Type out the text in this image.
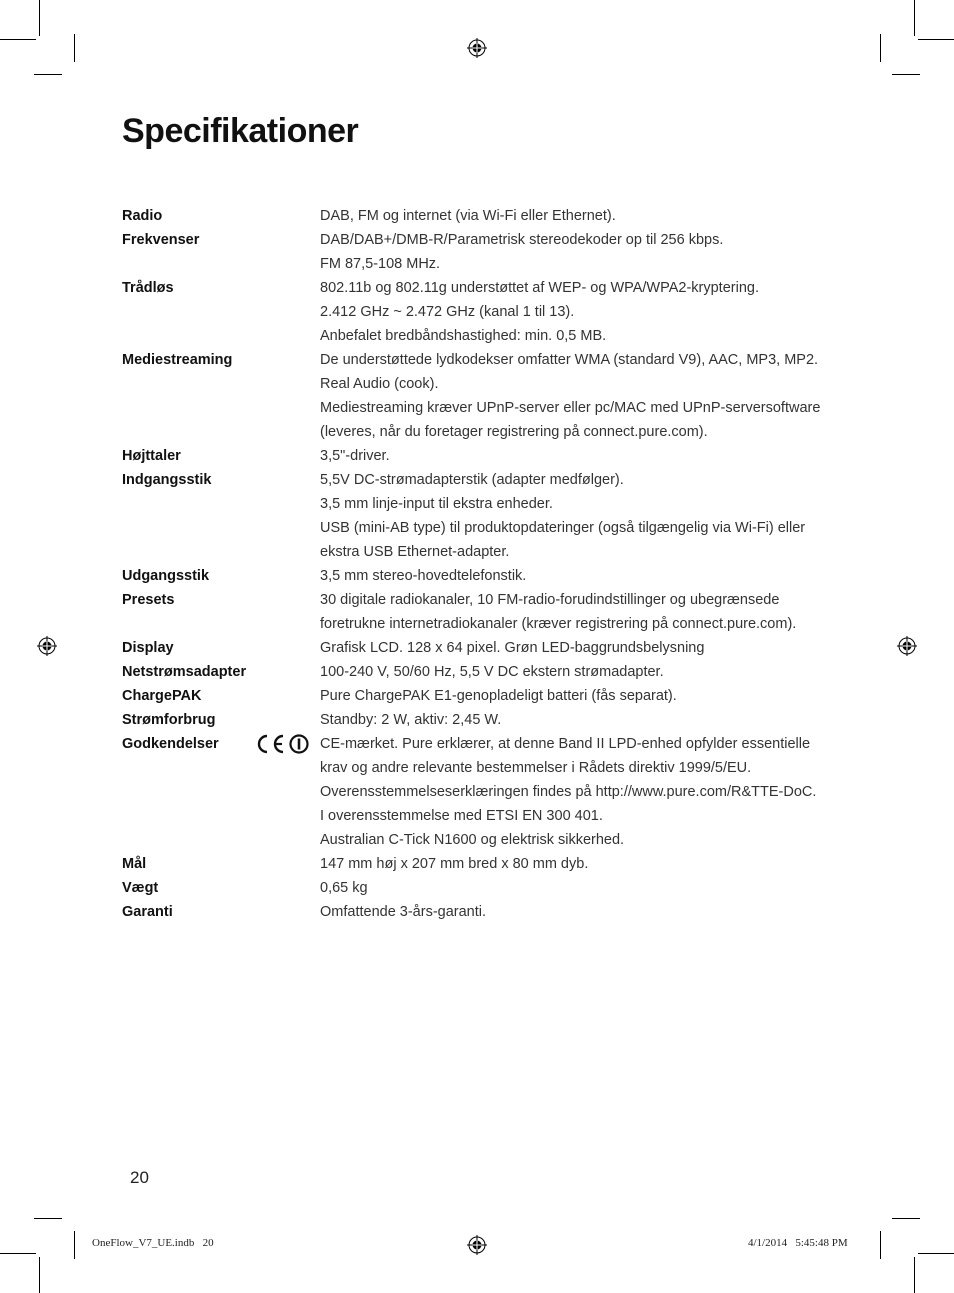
Specifikationer
Radio	DAB, FM og internet (via Wi-Fi eller Ethernet).
Frekvenser	DAB/DAB+/DMB-R/Parametrisk stereodekoder op til 256 kbps.
FM 87,5-108 MHz.
Trådløs	802.11b og 802.11g understøttet af WEP- og WPA/WPA2-kryptering.
2.412 GHz ~ 2.472 GHz (kanal 1 til 13).
Anbefalet bredbåndshastighed: min. 0,5 MB.
Mediestreaming	De understøttede lydkodekser omfatter WMA (standard V9), AAC, MP3, MP2.
Real Audio (cook).
Mediestreaming kræver UPnP-server eller pc/MAC med UPnP-serversoftware
(leveres, når du foretager registrering på connect.pure.com).
Højttaler	3,5"-driver.
Indgangsstik	5,5V DC-strømadapterstik (adapter medfølger).
3,5 mm linje-input til ekstra enheder.
USB (mini-AB type) til produktopdateringer (også tilgængelig via Wi-Fi) eller
ekstra USB Ethernet-adapter.
Udgangsstik	3,5 mm stereo-hovedtelefonstik.
Presets	30 digitale radiokanaler, 10 FM-radio-forudindstillinger og ubegrænsede
foretrukne internetradiokanaler (kræver registrering på connect.pure.com).
Display	Grafisk LCD. 128 x 64 pixel. Grøn LED-baggrundsbelysning
Netstrømsadapter	100-240 V, 50/60 Hz, 5,5 V DC ekstern strømadapter.
ChargePAK	Pure ChargePAK E1-genopladeligt batteri (fås separat).
Strømforbrug	Standby: 2 W, aktiv: 2,45 W.
Godkendelser	CE-mærket. Pure erklærer, at denne Band II LPD-enhed opfylder essentielle
krav og andre relevante bestemmelser i Rådets direktiv 1999/5/EU.
Overensstemmelseserklæringen findes på http://www.pure.com/R&TTE-DoC.
I overensstemmelse med ETSI EN 300 401.
Australian C-Tick N1600 og elektrisk sikkerhed.
Mål	147 mm høj x 207 mm bred x 80 mm dyb.
Vægt	0,65 kg
Garanti	Omfattende 3-års-garanti.
20
OneFlow_V7_UE.indb   20	4/1/2014   5:45:48 PM
